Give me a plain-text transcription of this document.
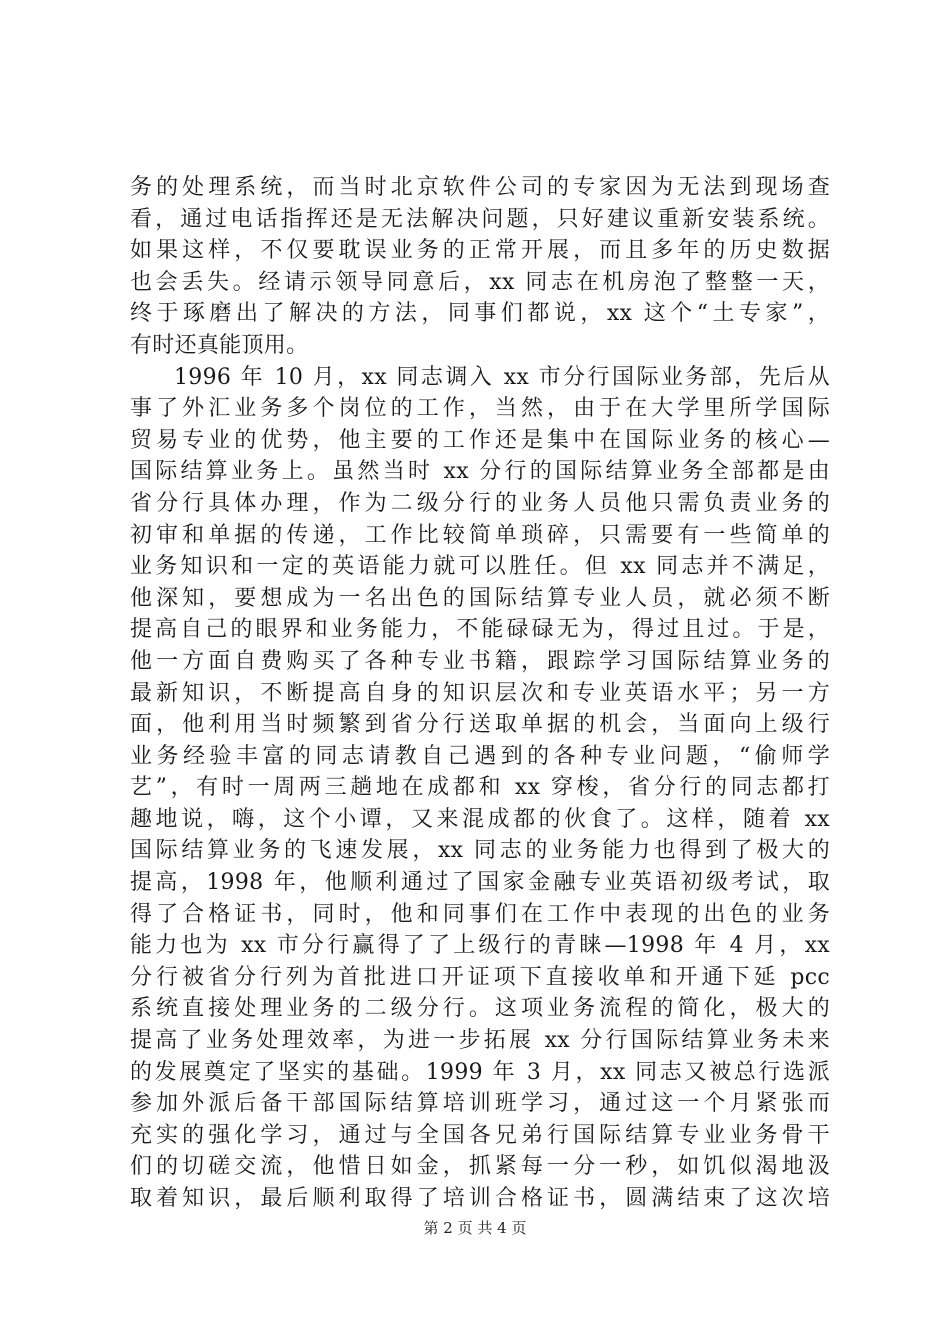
务的处理系统，而当时北京软件公司的专家因为无法到现场查
看，通过电话指挥还是无法解决问题，只好建议重新安装系统。
如果这样，不仅要耽误业务的正常开展，而且多年的历史数据
也会丢失。经请示领导同意后，xx 同志在机房泡了整整一天，
终于琢磨出了解决的方法，同事们都说，xx 这个“土专家”，
有时还真能顶用。
1996 年 10 月，xx 同志调入 xx 市分行国际业务部，先后从
事了外汇业务多个岗位的工作，当然，由于在大学里所学国际
贸易专业的优势，他主要的工作还是集中在国际业务的核心—
国际结算业务上。虽然当时 xx 分行的国际结算业务全部都是由
省分行具体办理，作为二级分行的业务人员他只需负责业务的
初审和单据的传递，工作比较简单琐碎，只需要有一些简单的
业务知识和一定的英语能力就可以胜任。但 xx 同志并不满足，
他深知，要想成为一名出色的国际结算专业人员，就必须不断
提高自己的眼界和业务能力，不能碌碌无为，得过且过。于是，
他一方面自费购买了各种专业书籍，跟踪学习国际结算业务的
最新知识，不断提高自身的知识层次和专业英语水平；另一方
面，他利用当时频繁到省分行送取单据的机会，当面向上级行
业务经验丰富的同志请教自己遇到的各种专业问题，“偷师学
艺”，有时一周两三趟地在成都和 xx 穿梭，省分行的同志都打
趣地说，嗨，这个小谭，又来混成都的伙食了。这样，随着 xx
国际结算业务的飞速发展，xx 同志的业务能力也得到了极大的
提高，1998 年，他顺利通过了国家金融专业英语初级考试，取
得了合格证书，同时，他和同事们在工作中表现的出色的业务
能力也为 xx 市分行赢得了了上级行的青睐—1998 年 4 月，xx
分行被省分行列为首批进口开证项下直接收单和开通下延 pcc
系统直接处理业务的二级分行。这项业务流程的简化，极大的
提高了业务处理效率，为进一步拓展 xx 分行国际结算业务未来
的发展奠定了坚实的基础。1999 年 3 月，xx 同志又被总行选派
参加外派后备干部国际结算培训班学习，通过这一个月紧张而
充实的强化学习，通过与全国各兄弟行国际结算专业业务骨干
们的切磋交流，他惜日如金，抓紧每一分一秒，如饥似渴地汲
取着知识，最后顺利取得了培训合格证书，圆满结束了这次培
第 2 页 共 4 页
